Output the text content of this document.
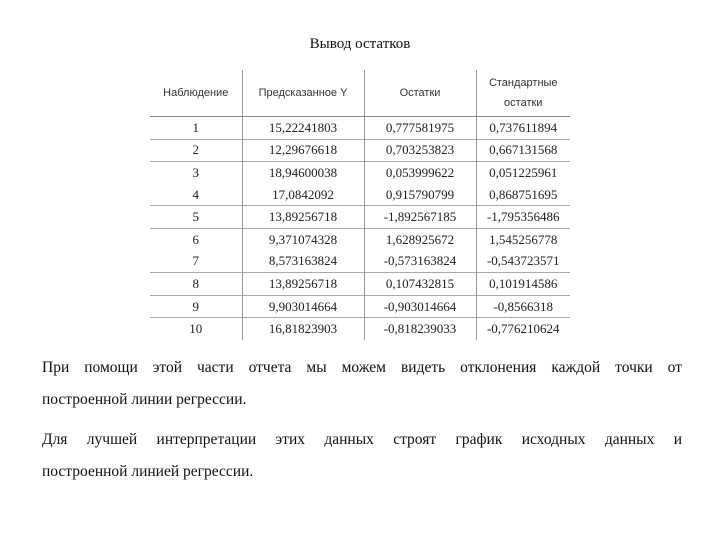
Вывод остатков
Наблюдение	Предсказанное Y	Остатки	Стандартные остатки
1	15,22241803	0,777581975	0,737611894
2	12,29676618	0,703253823	0,667131568
3	18,94600038	0,053999622	0,051225961
4	17,0842092	0,915790799	0,868751695
5	13,89256718	-1,892567185	-1,795356486
6	9,371074328	1,628925672	1,545256778
7	8,573163824	-0,573163824	-0,543723571
8	13,89256718	0,107432815	0,101914586
9	9,903014664	-0,903014664	-0,8566318
10	16,81823903	-0,818239033	-0,776210624
При помощи этой части отчета мы можем видеть отклонения каждой точки от
построенной линии регрессии.
Для лучшей интерпретации этих данных строят график исходных данных и
построенной линией регрессии.
